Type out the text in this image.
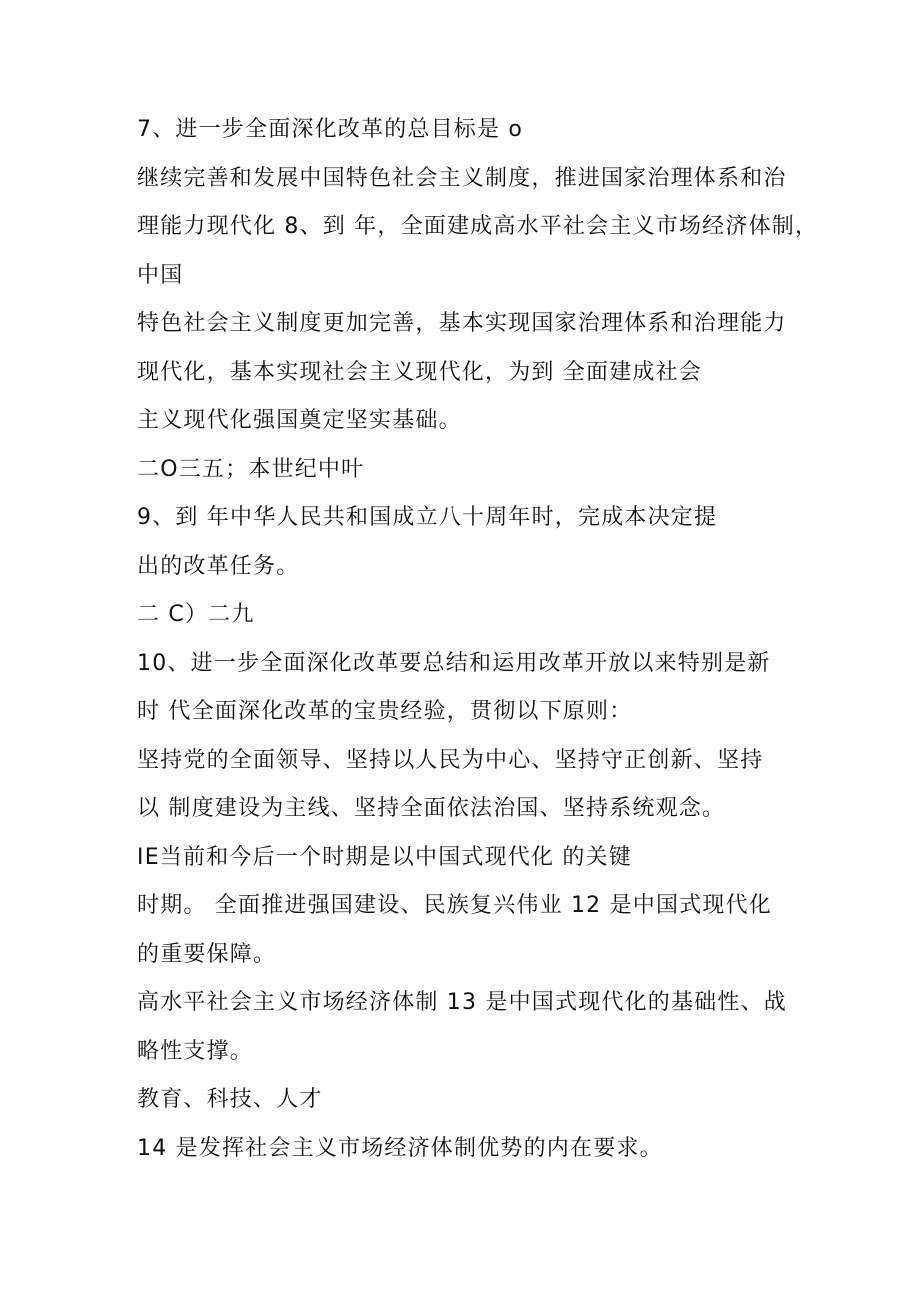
7、进一步全面深化改革的总目标是 o
继续完善和发展中国特色社会主义制度，推进国家治理体系和治
理能力现代化 8、到 年，全面建成高水平社会主义市场经济体制，
中国
特色社会主义制度更加完善，基本实现国家治理体系和治理能力
现代化，基本实现社会主义现代化，为到 全面建成社会
主义现代化强国奠定坚实基础。
二O三五；本世纪中叶
9、到 年中华人民共和国成立八十周年时，完成本决定提
出的改革任务。
二 C）二九
10、进一步全面深化改革要总结和运用改革开放以来特别是新
时 代全面深化改革的宝贵经验，贯彻以下原则：
坚持党的全面领导、坚持以人民为中心、坚持守正创新、坚持
以 制度建设为主线、坚持全面依法治国、坚持系统观念。
IE当前和今后一个时期是以中国式现代化 的关键
时期。 全面推进强国建设、民族复兴伟业 12 是中国式现代化
的重要保障。
高水平社会主义市场经济体制 13 是中国式现代化的基础性、战
略性支撑。
教育、科技、人才
14 是发挥社会主义市场经济体制优势的内在要求。
